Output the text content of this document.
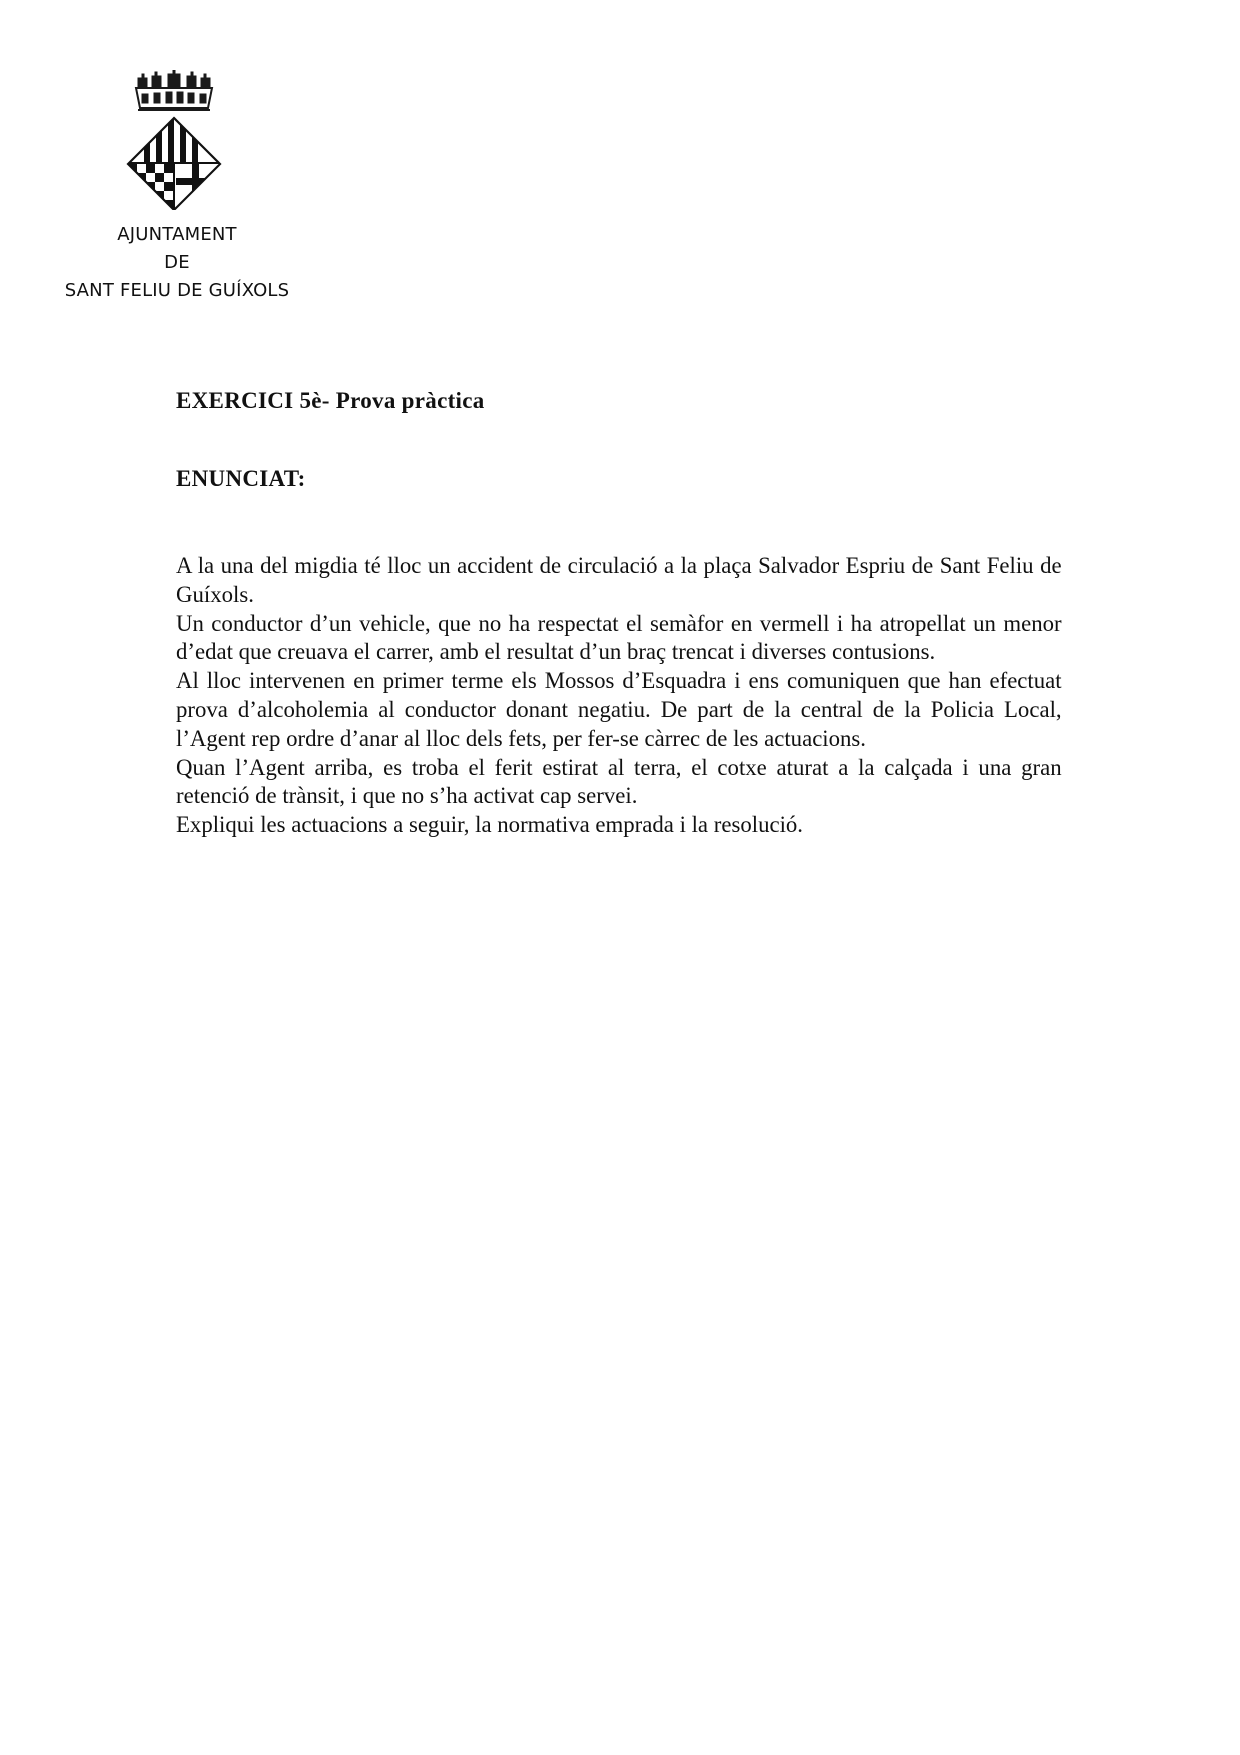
AJUNTAMENT
DE
SANT FELIU DE GUÍXOLS
EXERCICI 5è- Prova pràctica
ENUNCIAT:

A la una del migdia té lloc un accident de circulació a la plaça Salvador Espriu de Sant Feliu de Guíxols.

Un conductor d’un vehicle, que no ha respectat el semàfor en vermell i ha atropellat un menor d’edat que creuava el carrer, amb el resultat d’un braç trencat i diverses contusions.

Al lloc intervenen en primer terme els Mossos d’Esquadra i ens comuniquen que han efectuat prova d’alcoholemia al conductor donant negatiu. De part de la central de la Policia Local, l’Agent rep ordre d’anar al lloc dels fets, per fer-se càrrec de les actuacions.

Quan l’Agent arriba, es troba el ferit estirat al terra, el cotxe aturat a la calçada i una gran retenció de trànsit, i que no s’ha activat cap servei.

Expliqui les actuacions a seguir, la normativa emprada i la resolució.
